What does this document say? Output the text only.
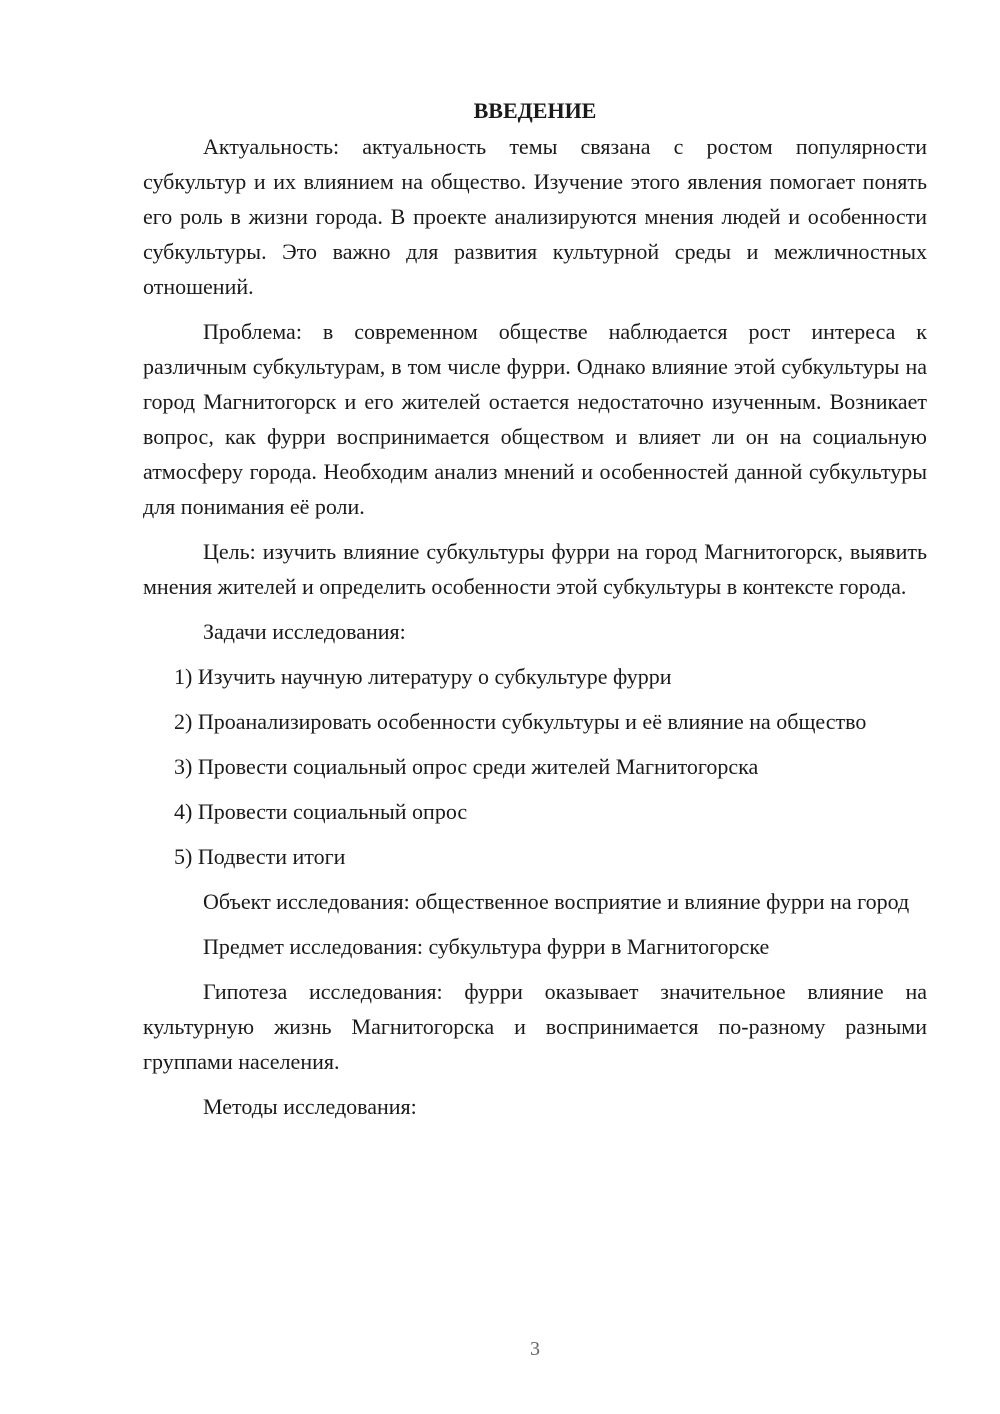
ВВЕДЕНИЕ

Актуальность: актуальность темы связана с ростом популярности субкультур и их влиянием на общество. Изучение этого явления помогает понять его роль в жизни города. В проекте анализируются мнения людей и особенности субкультуры. Это важно для развития культурной среды и межличностных отношений.

Проблема: в современном обществе наблюдается рост интереса к различным субкультурам, в том числе фурри. Однако влияние этой субкультуры на город Магнитогорск и его жителей остается недостаточно изученным. Возникает вопрос, как фурри воспринимается обществом и влияет ли он на социальную атмосферу города. Необходим анализ мнений и особенностей данной субкультуры для понимания её роли.

Цель: изучить влияние субкультуры фурри на город Магнитогорск, выявить мнения жителей и определить особенности этой субкультуры в контексте города.

Задачи исследования:

1) Изучить научную литературу о субкультуре фурри

2) Проанализировать особенности субкультуры и её влияние на общество

3) Провести социальный опрос среди жителей Магнитогорска

4) Провести социальный опрос

5) Подвести итоги

Объект исследования: общественное восприятие и влияние фурри на город

Предмет исследования: субкультура фурри в Магнитогорске

Гипотеза исследования: фурри оказывает значительное влияние на культурную жизнь Магнитогорска и воспринимается по-разному разными группами населения.

Методы исследования:

3
